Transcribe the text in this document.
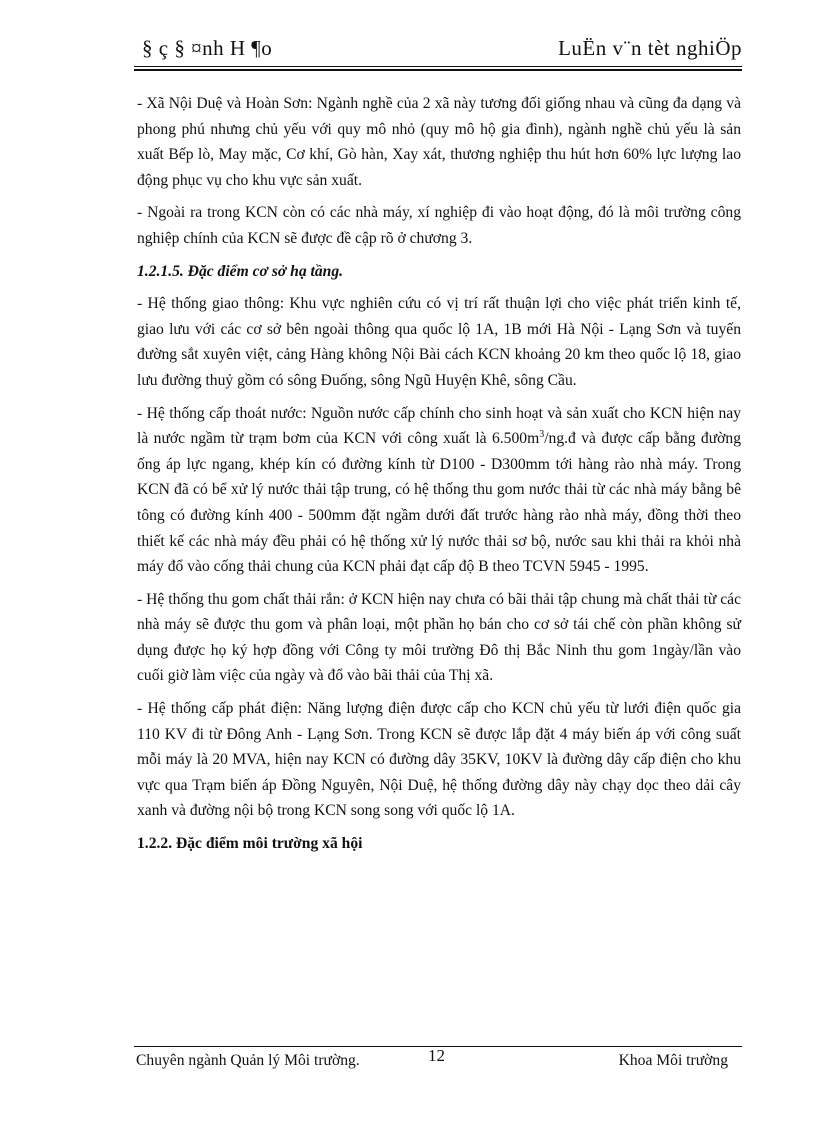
§ ç § ¤nh H ¶o	LuËn v¨n tèt nghiÖp

- Xã Nội Duệ và Hoàn Sơn: Ngành nghề của 2 xã này tương đối giống nhau và cũng đa dạng và phong phú nhưng chủ yếu với quy mô nhỏ (quy mô hộ gia đình), ngành nghề chủ yếu là sản xuất Bếp lò, May mặc, Cơ khí, Gò hàn, Xay xát, thương nghiệp thu hút hơn 60% lực lượng lao động phục vụ cho khu vực sản xuất.

- Ngoài ra trong KCN còn có các nhà máy, xí nghiệp đi vào hoạt động, đó là môi trường công nghiệp chính của KCN sẽ được đề cập rõ ở chương 3.

1.2.1.5. Đặc điểm cơ sở hạ tầng.

- Hệ thống giao thông: Khu vực nghiên cứu có vị trí rất thuận lợi cho việc phát triển kinh tế, giao lưu với các cơ sở bên ngoài thông qua quốc lộ 1A, 1B mới Hà Nội - Lạng Sơn và tuyến đường sắt xuyên việt, cảng Hàng không Nội Bài cách KCN khoảng 20 km theo quốc lộ 18, giao lưu đường thuỷ gồm có sông Đuống, sông Ngũ Huyện Khê, sông Cầu.

- Hệ thống cấp thoát nước: Nguồn nước cấp chính cho sinh hoạt và sản xuất cho KCN hiện nay là nước ngầm từ trạm bơm của KCN với công xuất là $6.500m^3/ng.đ$ và được cấp bằng đường ống áp lực ngang, khép kín có đường kính từ D100 - D300mm tới hàng rào nhà máy. Trong KCN đã có bể xử lý nước thải tập trung, có hệ thống thu gom nước thải từ các nhà máy bằng bê tông có đường kính 400 - 500mm đặt ngầm dưới đất trước hàng rào nhà máy, đồng thời theo thiết kế các nhà máy đều phải có hệ thống xử lý nước thải sơ bộ, nước sau khi thải ra khỏi nhà máy đổ vào cống thải chung của KCN phải đạt cấp độ B theo TCVN 5945 - 1995.

- Hệ thống thu gom chất thải rắn: ở KCN hiện nay chưa có bãi thải tập chung mà chất thải từ các nhà máy sẽ được thu gom và phân loại, một phần họ bán cho cơ sở tái chế còn phần không sử dụng được họ ký hợp đồng với Công ty môi trường Đô thị Bắc Ninh thu gom 1ngày/lần vào cuối giờ làm việc của ngày và đổ vào bãi thải của Thị xã.

- Hệ thống cấp phát điện: Năng lượng điện được cấp cho KCN chủ yếu từ lưới điện quốc gia 110 KV đi từ Đông Anh - Lạng Sơn. Trong KCN sẽ được lắp đặt 4 máy biến áp với công suất mỗi máy là 20 MVA, hiện nay KCN có đường dây 35KV, 10KV là đường dây cấp điện cho khu vực qua Trạm biến áp Đồng Nguyên, Nội Duệ, hệ thống đường dây này chạy dọc theo dải cây xanh và đường nội bộ trong KCN song song với quốc lộ 1A.

1.2.2. Đặc điểm môi trường xã hội
Chuyên ngành Quản lý Môi trường.	12	Khoa Môi trường
